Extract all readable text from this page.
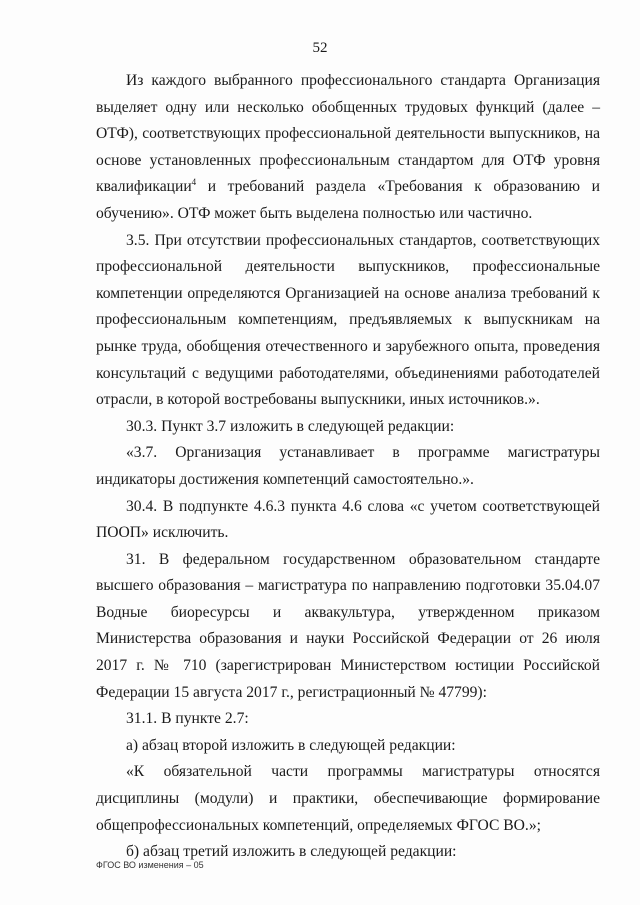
52

Из каждого выбранного профессионального стандарта Организация выделяет одну или несколько обобщенных трудовых функций (далее – ОТФ), соответствующих профессиональной деятельности выпускников, на основе установленных профессиональным стандартом для ОТФ уровня квалификации$^4$ и требований раздела «Требования к образованию и обучению». ОТФ может быть выделена полностью или частично.

3.5. При отсутствии профессиональных стандартов, соответствующих профессиональной деятельности выпускников, профессиональные компетенции определяются Организацией на основе анализа требований к профессиональным компетенциям, предъявляемых к выпускникам на рынке труда, обобщения отечественного и зарубежного опыта, проведения консультаций с ведущими работодателями, объединениями работодателей отрасли, в которой востребованы выпускники, иных источников.».

30.3. Пункт 3.7 изложить в следующей редакции:

«3.7. Организация устанавливает в программе магистратуры индикаторы достижения компетенций самостоятельно.».

30.4. В подпункте 4.6.3 пункта 4.6 слова «с учетом соответствующей ПООП» исключить.

31. В федеральном государственном образовательном стандарте высшего образования – магистратура по направлению подготовки 35.04.07 Водные биоресурсы и аквакультура, утвержденном приказом Министерства образования и науки Российской Федерации от 26 июля 2017 г. № 710 (зарегистрирован Министерством юстиции Российской Федерации 15 августа 2017 г., регистрационный № 47799):

31.1. В пункте 2.7:

а) абзац второй изложить в следующей редакции:

«К обязательной части программы магистратуры относятся дисциплины (модули) и практики, обеспечивающие формирование общепрофессиональных компетенций, определяемых ФГОС ВО.»;

б) абзац третий изложить в следующей редакции:

ФГОС ВО изменения – 05
